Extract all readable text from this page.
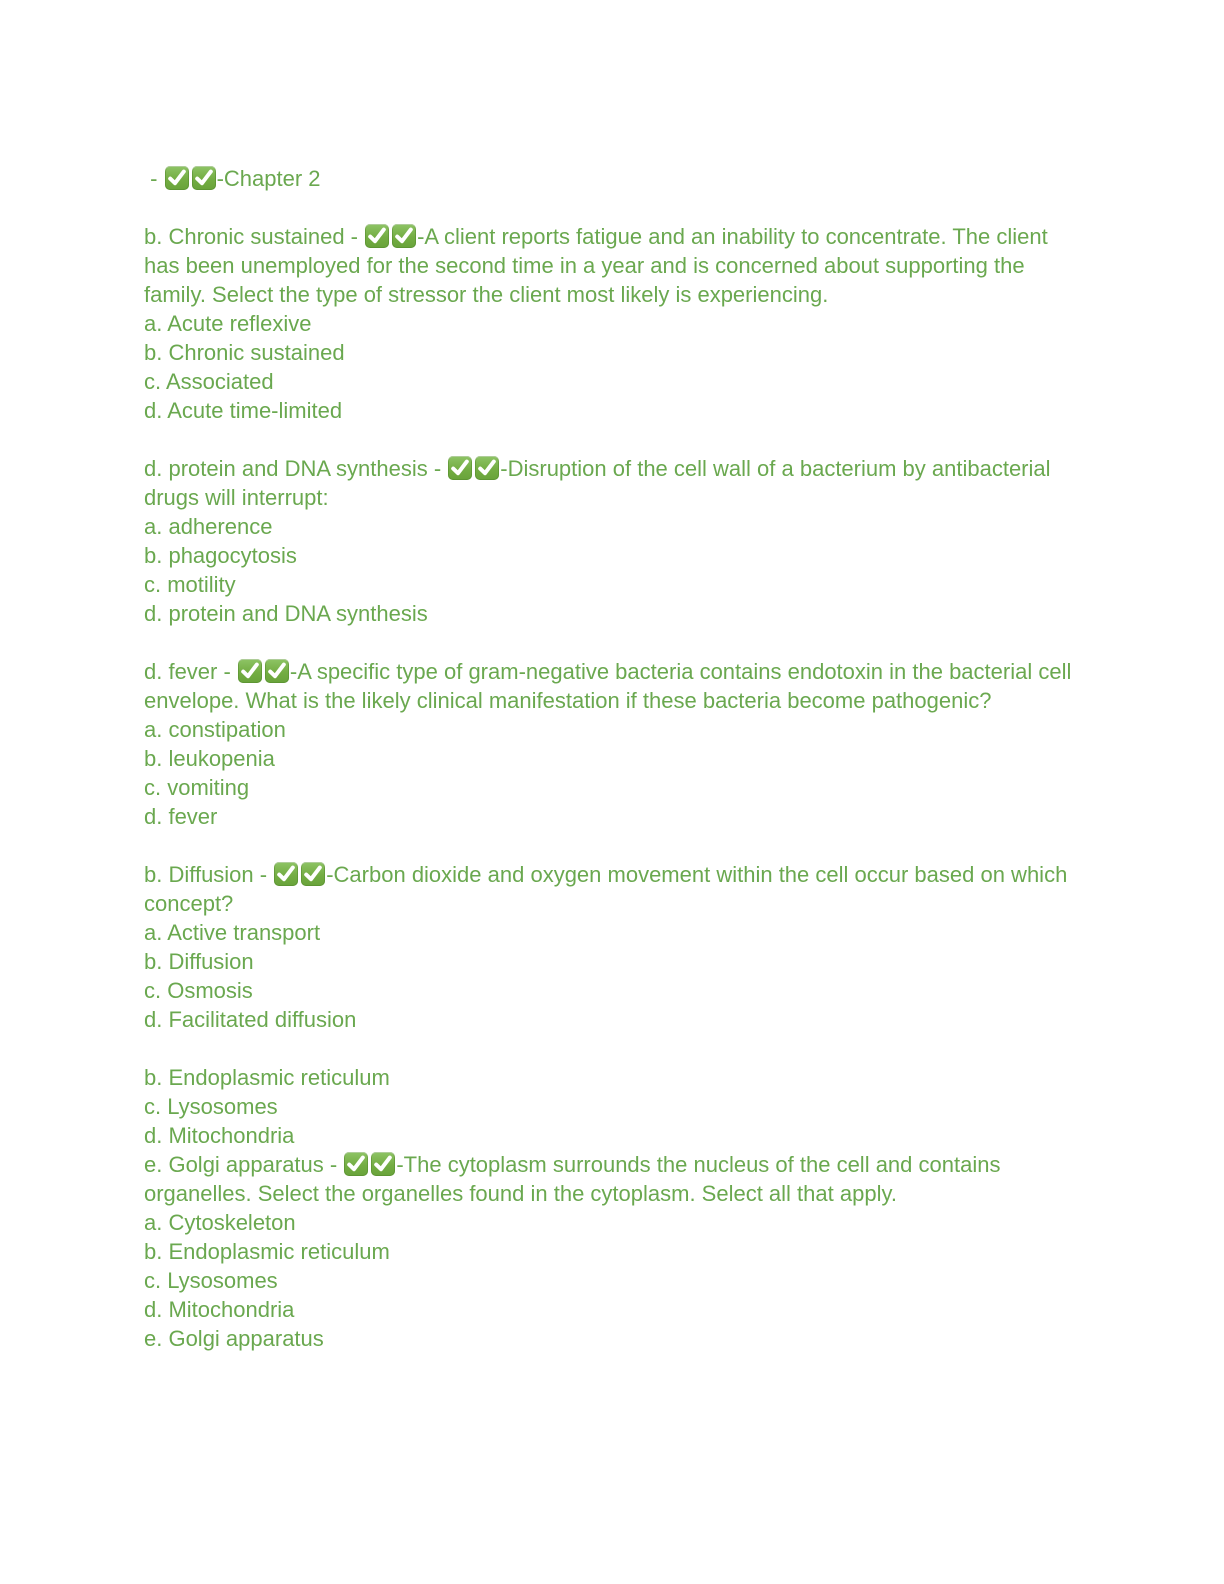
-
-Chapter 2

b. Chronic sustained -
-A client reports fatigue and an inability to concentrate. The client has been unemployed for the second time in a year and is concerned about supporting the family. Select the type of stressor the client most likely is experiencing.

a. Acute reflexive

b. Chronic sustained

c. Associated

d. Acute time-limited

d. protein and DNA synthesis -
-Disruption of the cell wall of a bacterium by antibacterial drugs will interrupt:

a. adherence

b. phagocytosis

c. motility

d. protein and DNA synthesis

d. fever -
-A specific type of gram-negative bacteria contains endotoxin in the bacterial cell envelope. What is the likely clinical manifestation if these bacteria become pathogenic?

a. constipation

b. leukopenia

c. vomiting

d. fever

b. Diffusion -
-Carbon dioxide and oxygen movement within the cell occur based on which concept?

a. Active transport

b. Diffusion

c. Osmosis

d. Facilitated diffusion

b. Endoplasmic reticulum

c. Lysosomes

d. Mitochondria

e. Golgi apparatus -
-The cytoplasm surrounds the nucleus of the cell and contains organelles. Select the organelles found in the cytoplasm. Select all that apply.

a. Cytoskeleton

b. Endoplasmic reticulum

c. Lysosomes

d. Mitochondria

e. Golgi apparatus
